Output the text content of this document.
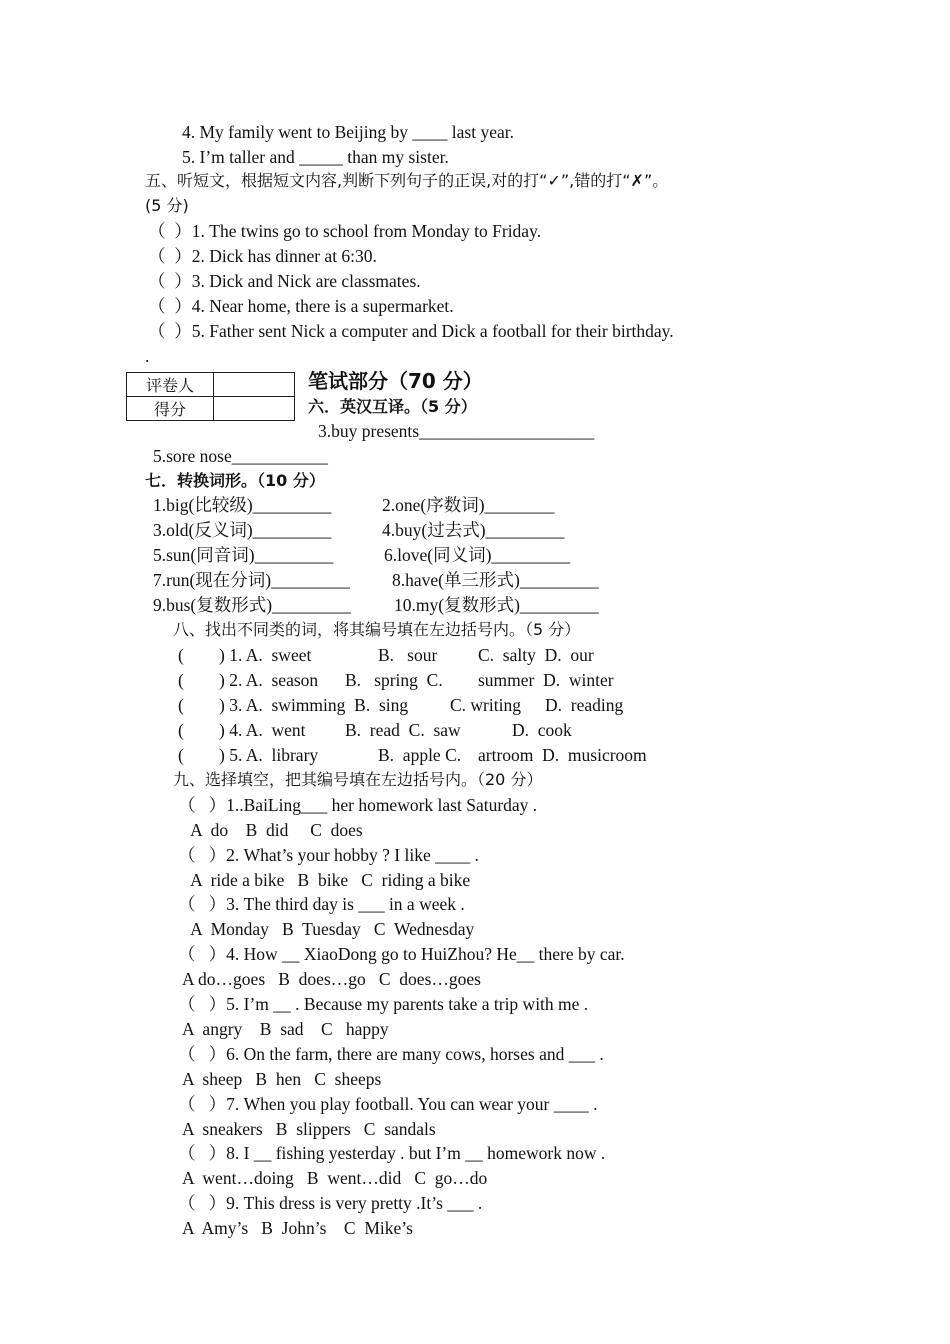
4. My family went to Beijing by ____ last year.
5. I’m taller and _____ than my sister.
五、听短文，根据短文内容,判断下列句子的正误,对的打“✓”,错的打“✗”。
(5 分)
（  ）1. The twins go to school from Monday to Friday.
（  ）2. Dick has dinner at 6:30.
（  ）3. Dick and Nick are classmates.
（  ）4. Near home, there is a supermarket.
（  ）5. Father sent Nick a computer and Dick a football for their birthday.
.
评卷人	
得分	
笔试部分（70 分）
六．英汉互译。（5 分）
3.buy presents____________________
5.sore nose___________
七．转换词形。（10 分）
1.big(比较级)_________	2.one(序数词)________
3.old(反义词)_________	4.buy(过去式)_________
5.sun(同音词)_________	6.love(同义词)_________
7.run(现在分词)_________ 8.have(单三形式)_________
9.bus(复数形式)_________ 10.my(复数形式)_________
八、找出不同类的词，将其编号填在左边括号内。（5 分）
( ) 1. A.  sweet	B.   sour C.  salty  D.  our
( ) 2. A.  season B.   spring  C. summer  D.  winter
( ) 3. A.  swimming  B.  sing C. writing D.  reading
( ) 4. A.  went B.  read  C.  saw	D.  cook
( ) 5. A.  library	B.  apple C. artroom  D.  musicroom
九、选择填空，把其编号填在左边括号内。（20 分）
（   ）1..BaiLing___ her homework last Saturday .
A  do    B  did     C  does
（   ）2. What’s your hobby ? I like ____ .
A  ride a bike   B  bike   C  riding a bike
（   ）3. The third day is ___ in a week .
A  Monday   B  Tuesday   C  Wednesday
（   ）4. How __ XiaoDong go to HuiZhou? He__ there by car.
A do…goes   B  does…go   C  does…goes
（   ）5. I’m __ . Because my parents take a trip with me .
A  angry    B  sad    C   happy
（   ）6. On the farm, there are many cows, horses and ___ .
A  sheep   B  hen   C  sheeps
（   ）7. When you play football. You can wear your ____ .
A  sneakers   B  slippers   C  sandals
（   ）8. I __ fishing yesterday . but I’m __ homework now .
A  went…doing   B  went…did   C  go…do
（   ）9. This dress is very pretty .It’s ___ .
A  Amy’s   B  John’s    C  Mike’s
